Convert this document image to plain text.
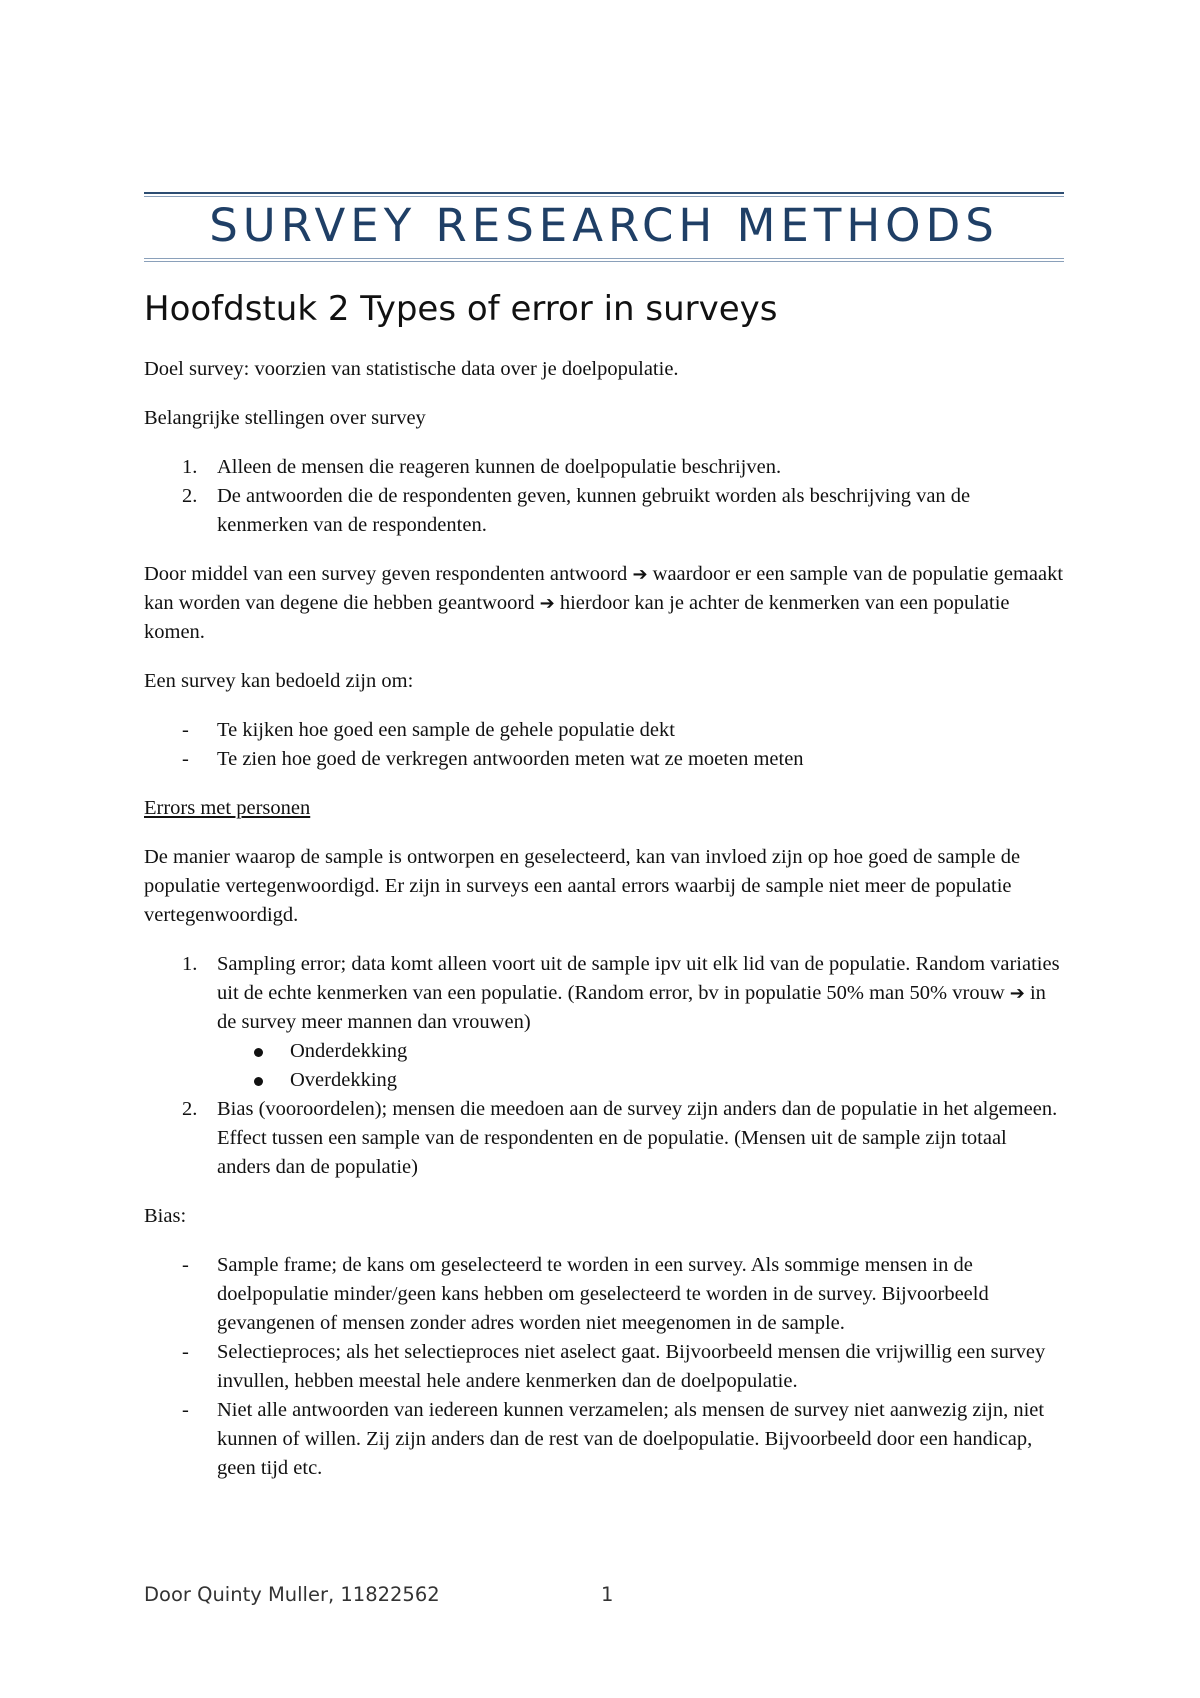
SURVEY RESEARCH METHODS
Hoofdstuk 2 Types of error in surveys

Doel survey: voorzien van statistische data over je doelpopulatie.

Belangrijke stellingen over survey

1. Alleen de mensen die reageren kunnen de doelpopulatie beschrijven.
2. De antwoorden die de respondenten geven, kunnen gebruikt worden als beschrijving van de kenmerken van de respondenten.

Door middel van een survey geven respondenten antwoord ➔ waardoor er een sample van de populatie gemaakt kan worden van degene die hebben geantwoord ➔ hierdoor kan je achter de kenmerken van een populatie komen.

Een survey kan bedoeld zijn om:

- Te kijken hoe goed een sample de gehele populatie dekt
- Te zien hoe goed de verkregen antwoorden meten wat ze moeten meten

Errors met personen

De manier waarop de sample is ontworpen en geselecteerd, kan van invloed zijn op hoe goed de sample de populatie vertegenwoordigd. Er zijn in surveys een aantal errors waarbij de sample niet meer de populatie vertegenwoordigd.

1. Sampling error; data komt alleen voort uit de sample ipv uit elk lid van de populatie. Random variaties uit de echte kenmerken van een populatie. (Random error, bv in populatie 50% man 50% vrouw ➔ in de survey meer mannen dan vrouwen)
Onderdekking
Overdekking
2. Bias (vooroordelen); mensen die meedoen aan de survey zijn anders dan de populatie in het algemeen. Effect tussen een sample van de respondenten en de populatie. (Mensen uit de sample zijn totaal anders dan de populatie)

Bias:

- Sample frame; de kans om geselecteerd te worden in een survey. Als sommige mensen in de doelpopulatie minder/geen kans hebben om geselecteerd te worden in de survey. Bijvoorbeeld gevangenen of mensen zonder adres worden niet meegenomen in de sample.
- Selectieproces; als het selectieproces niet aselect gaat. Bijvoorbeeld mensen die vrijwillig een survey invullen, hebben meestal hele andere kenmerken dan de doelpopulatie.
- Niet alle antwoorden van iedereen kunnen verzamelen; als mensen de survey niet aanwezig zijn, niet kunnen of willen. Zij zijn anders dan de rest van de doelpopulatie. Bijvoorbeeld door een handicap, geen tijd etc.
Door Quinty Muller, 11822562	1
